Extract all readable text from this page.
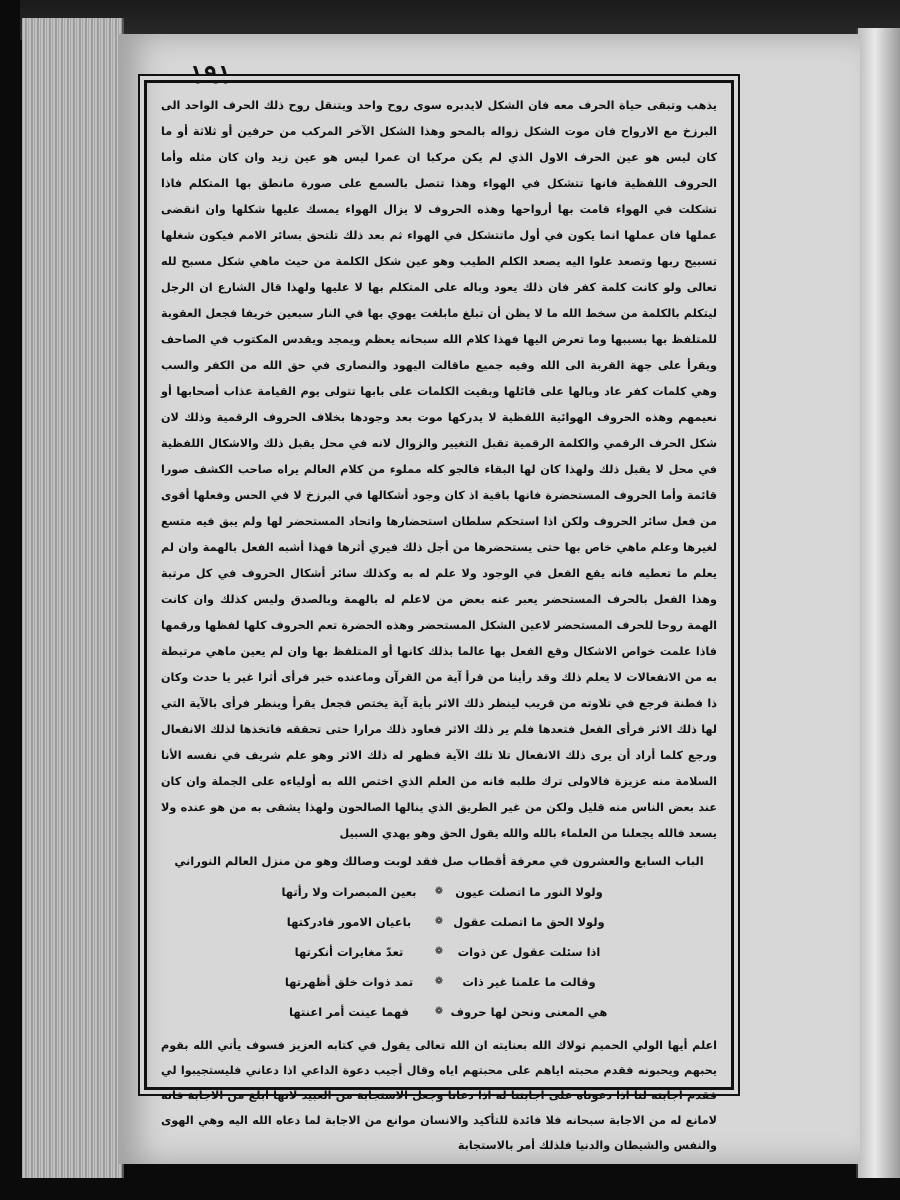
١٩١
يذهب وتبقى حياة الحرف معه فان الشكل لايدبره سوى روح واحد ويتنقل روح ذلك الحرف الواحد الى البرزخ مع الارواح فان موت الشكل زواله بالمحو وهذا الشكل الآخر المركب من حرفين أو ثلاثة أو ما كان ليس هو عين الحرف الاول الذي لم يكن مركبا ان عمرا ليس هو عين زيد وان كان مثله وأما الحروف اللفظية فانها تتشكل في الهواء وهذا تتصل بالسمع على صورة مانطق بها المتكلم فاذا تشكلت في الهواء قامت بها أرواحها وهذه الحروف لا يزال الهواء يمسك عليها شكلها وان انقضى عملها فان عملها انما يكون في أول ماتتشكل في الهواء ثم بعد ذلك تلتحق بسائر الامم فيكون شغلها تسبيح ربها وتصعد علوا اليه يصعد الكلم الطيب وهو عين شكل الكلمة من حيث ماهي شكل مسبح لله تعالى ولو كانت كلمة كفر فان ذلك يعود وباله على المتكلم بها لا عليها ولهذا قال الشارع ان الرجل ليتكلم بالكلمة من سخط الله ما لا يظن أن تبلغ مابلغت يهوي بها في النار سبعين خريفا فجعل العقوبة للمتلفظ بها بسببها وما تعرض اليها فهذا كلام الله سبحانه يعظم ويمجد ويقدس المكتوب في الصاحف ويقرأ على جهة القربة الى الله وفيه جميع ماقالت اليهود والنصارى في حق الله من الكفر والسب وهي كلمات كفر عاد وبالها على قائلها وبقيت الكلمات على بابها تتولى يوم القيامة عذاب أصحابها أو نعيمهم وهذه الحروف الهوائية اللفظية لا يدركها موت بعد وجودها بخلاف الحروف الرقمية وذلك لان شكل الحرف الرقمي والكلمة الرقمية تقبل التغيير والزوال لانه في محل يقبل ذلك والاشكال اللفظية في محل لا يقبل ذلك ولهذا كان لها البقاء فالجو كله مملوء من كلام العالم يراه صاحب الكشف صورا قائمة وأما الحروف المستحضرة فانها باقية اذ كان وجود أشكالها في البرزخ لا في الحس وفعلها أقوى من فعل سائر الحروف ولكن اذا استحكم سلطان استحضارها واتحاد المستحضر لها ولم يبق فيه متسع لغيرها وعلم ماهي خاص بها حتى يستحضرها من أجل ذلك فيري أثرها فهذا أشبه الفعل بالهمة وان لم يعلم ما تعطيه فانه يقع الفعل في الوجود ولا علم له به وكذلك سائر أشكال الحروف في كل مرتبة وهذا الفعل بالحرف المستحضر يعبر عنه بعض من لاعلم له بالهمة وبالصدق وليس كذلك وان كانت الهمة روحا للحرف المستحضر لاعين الشكل المستحضر وهذه الحضرة تعم الحروف كلها لفظها ورقمها فاذا علمت خواص الاشكال وقع الفعل بها عالما بذلك كانها أو المتلفظ بها وان لم يعين ماهي مرتبطة به من الانفعالات لا يعلم ذلك وقد رأينا من قرأ آية من القرآن وماعنده خبر فرأى أثرا غير يا حدث وكان ذا فطنة فرجع في تلاوته من قريب لينظر ذلك الاثر بأية آية يختص فجعل يقرأ وينظر فرأى بالآية التي لها ذلك الاثر فرأى الفعل فتعدها فلم ير ذلك الاثر فعاود ذلك مرارا حتى تحققه فاتخذها لذلك الانفعال ورجع كلما أراد أن يرى ذلك الانفعال تلا تلك الآية فظهر له ذلك الاثر وهو علم شريف في نفسه الأنا السلامة منه عزيزة فالاولى ترك طلبه فانه من العلم الذي اختص الله به أولياءه على الجملة وان كان عند بعض الناس منه قليل ولكن من غير الطريق الذي ينالها الصالحون ولهذا يشقى به من هو عنده ولا يسعد فالله يجعلنا من العلماء بالله والله يقول الحق وهو يهدي السبيل
الباب السابع والعشرون في معرفة أقطاب صل فقد لوبت وصالك وهو من منزل العالم النوراني
ولولا النور ما اتصلت عيون
❁
بعين المبصرات ولا رأتها
ولولا الحق ما اتصلت عقول
❁
باعيان الامور فادركتها
اذا سئلت عقول عن ذوات
❁
تعدّ مغايرات أنكرتها
وقالت ما علمنا غير ذات
❁
تمد ذوات خلق أظهرتها
هي المعنى ونحن لها حروف
❁
فهما عينت أمر اعنتها
اعلم أيها الولي الحميم تولاك الله بعنايته ان الله تعالى يقول في كتابه العزيز فسوف يأتي الله بقوم يحبهم ويحبونه فقدم محبته اياهم على محبتهم اياه وقال أجيب دعوة الداعي اذا دعاني فليستجيبوا لي فقدم اجابته لنا اذا دعوناه على اجابتنا له اذا دعانا وجعل الاستجابة من العبيد لانها أبلغ من الاجابة فانه لامانع له من الاجابة سبحانه فلا فائدة للتأكيد والانسان موانع من الاجابة لما دعاه الله اليه وهي الهوى والنفس والشيطان والدنيا فلذلك أمر بالاستجابة
